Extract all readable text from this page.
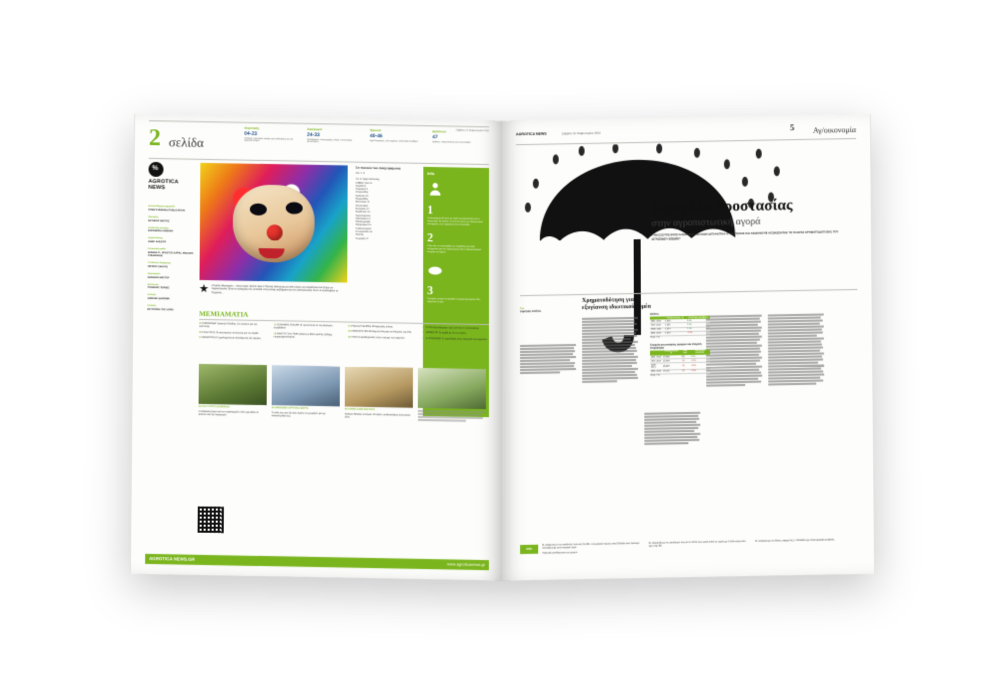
2 σελίδα
Σάββατο 21 Φεβρουαρίου 2015
Αγροτικής
04-23
Πολιτική, οικονομία, αγορές και επιδοτήσεις για τον αγροτικό κόσμο
Αφιέρωμα
24-33
Καλλιέργειες, κτηνοτροφία, αλιεία, τυποποίηση, μεταποίηση
Έρευνα
40-46
Αγροτουρισμός, νέοι αγρότες, ανάπτυξη υπαίθρου
Δράσεων
47
Δράσεις, παρουσιάσεις και συνεντεύξεις
%
AGROTICA
NEWS
Δεκαπενθήμερη εφημερίδα
ΤΟΜΗ'Σ ΜΗΝΙΑΙΑ PUBLICATION
Ιδιοκτήτης
ΣΩΤΗΡΗΣ ΝΑΣΤΟΣ
Διευθυντής σύνταξης
ΕΛΕΥΘΕΡΙΑ ΛΑΪΝΑΚΗ
Αρχισυντάκτης
ΑΝΔΡ. ΑΛΕΞΙΟΥ
Συντακτική ομάδα
ΙΩΑΝΝΑ Π., ΧΡΗΣΤΟΣ ΚΑΡΑΣ, ΜΙΧΑΛΗΣ ΤΣΕΛΕΠΙΔΗΣ
Υπεύθυνος διαφήμισης
ΠΕΤΡΟΣ ΣΑΚΚΑΣ
Δημιουργικό
ΙΩΑΝΝΗΣ ΜΑΣΤΟΡ
Εκτύπωση
ΓΡΑΦΙΚΕΣ ΤΕΧΝΕΣ
Διανομή
ΔΩΡΕΑΝ ΔΙΑΝΟΜΗ
Σύνδεση
ΕΚΤΥΠΩΣΗ ΤΗΣ AGRO

«Γκρέλο Μασκαρά»... όπως είχαν πρώτο πρω ο Γιάννης Μελισσας με κάθε λόγων και καιράλακα ενα άτομο να παρακολουθεί. Είναι το καταρχήν του αποτελεί στη εκλογή σεζβήματα και τον καταναλωτική. Άντε να καταλάβουν οι Γερμανοί...

Στι τεκευών των Δικηγοράμιστή
σελ. 1, 8
Για το Τμήμα Κατοικίας
Σάββας Τρίτο 6
Αγγελία 8
Σύμμαχοι 9
Στοιχειώδης
Αμέλειας 10
Καρμολίδης
Μοτοπλάς 11
Φυτοπολίας
Κηπαμίας 12
Καρδίτσας 13
Αγροκτήματος
Λιθοπλάκα 14
Παλαιογραφία
Πρόγραμμα 15
Γαλακτοκομικά
Συνεργασίας 16
Ποιότης
Γεωργίας 17
info
1
Η καταχώρηση θα γίνει με σειρά προτεραιότητας και οι συμμετοχές θα πρέπει να γίνονται μέσω του ηλεκτρονικού συστήματος που παρέχεται στην ιστοσελίδα.
2
Ο δεν δεν να υποστηρίξει την παράδοση και κάθε υποχρεώση για την παραγωγή με όλα τα δικαιολογητικά στοιχεία του Δήμου.
3
Ο φορέας μπορεί να αρνηθεί τη συμμετοχή εφόσον δεν τηρούνται οι όροι.
ΜΕΜΙΑΜΑΤΙΑ
05 ΟΙΚΟΝΟΜΙΑ Τράπεζα Ελλάδας: Στο κόκκινο για την ανάπτυξη
09 ΓΑΛΕΥΣΕΙΣ Οι οικονομικές επιπτώσεις για τον κλάδο
12 ΒΙΟΔΟΤΟΣΙΑ Συμπληρώνεται ολοκλήρωση της αγοράς
11 ΕΛΛΗΝΙΚΗ ΖΑΧΑΡΗ Οι προοπτικές σε ένα δύσκολο περιβάλλον
18 ΑΝΑΠΤΥΞΗ Ο ΠΟΡ μέλλον με βάση μελέτη εξέλιξης επιχειρηματικότητας
21 Ράμπας Ρόλοδδας Μεταφορικές λύσεις
32 ΑΠΟΚΛΕΙΣΤΙΚΑ Μπαρμπα λίνες και οι Μπόρκες της Πελ.
36 ΤΕΟΙ Οι φιλοδημοτικές στην υπάρχει των αγροτών
42 ΥΓΕΙΑ Κρουλίσματα ε κρέ: για Την πι πιστοποίηση
44 ΝΟΜΟΙ ΠΡ Το ρεμβή με νέο τις όρους
48 ΕΞΟΠΛΙΣΜΟΣ Η τεχνολογία στην υπηρεσία των αγροτών
16 ΣΤΑ ΤΥΠΟΥ'Σ ΔΑΝΕΙΚΩΝ
Η σύγκριση γύρω από τον συγκεκριμένο τύπο έχει βάλει σε κίνδυνο όλη την παραγωγή
24 ΑΦΙΕΡΩΜΑ ΑΓΡΟΤΙΚΑ ΒΟΡΤΑ
Τα είδη τους και όλα όσα πρέπει να γνωρίζετε για την καταναλωτική τους
36 ΚΤΗΜΑ ΚΩΝΣΤΑΝΤΙΝΟΥ
Κάστρες Μάλλης συνέχεια: στη Μελο νοοδετικότητας κοινωνικώς ιδέες
AGROTICA NEWS.GR
www.agroticanews.gr
AGROTICA NEWS	Σάββατο 21 Φεβρουαρίου 2015
5 Αγ/οικονομία
Ομπρέλα προστασίας
στην αγροπιστωτική αγορά
ΤΗΝ ΕΞΕΥΡΩ ΕΝΟΣ ΚΛΕΙΣΙΜΟΥ ΠΑΛΑΙΩΝ ΔΙΠΛΑΚΤΙΚΑ Η ΤΡΟΠΟΛΟΣ ΚΑΙ ΚΙΝΔΥΝΟΥΝ ΑΓΩΝΙΖΟΝΤΑΣ ΤΟ ΠΛΗΓΕΣ ΚΡΗΜΑΤΟΔΟΤΗΣΗΣ ΤΟΥ ΑΓΡΟΤΙΚΟΥ ΚΟΣΜΟΥ
Του
Δημήτρη Αλεξίου
Χρηματοδότηση για εξυγίανση ιδιωτικού τομέα
Δείκτες
	Υπόλοιπα (εκατ. €)	(%) Ετήσια μεταβολή
ΔΕΚ. 2013	1.628	5,6%
ΟΚΤ. 2014	1.595	2,3%
ΝΟΕ. 2014	1.574	1,1%
ΔΕΚ. 2014	1.520	-4,1%
Πηγή: ΤτΕ
Στοιχεία ρευστότητας αγορών και ατομική επιχείρηση
	Υπόλοιπα (εκατ. €)	Ροή (εκ)	(%) Ετήσια μεταβολή
ΔΕΚ. 2013	15.868	5%	0,9%
ΟΚΤ. 2014	15.348	-49	-3,1%
ΝΟΕ. 2014	15.304	-45	-3,4%
ΔΕΚ. 2014	15.232	-85	-0,3%
Πηγή: ΤτΕ
info

Σε σύμφωνα με τις αποδόσεις που μας την ΕΕ, ο γεωργικός τομέας στην Ελλάδα είναι προώρα υποσθμίωσης στον κατακτά τομεί.

Η βασική υποθήκευση των χωρών

Σε σύμπραξη με τις αποδόσεις που για το 2013 έτων μόλις 5,6% σε σχέση με 14,6% κατα μέσο όρο στην ΕΕ.

Σε σύγκριση με τις δείκτες αφορά της 1,4 Ελλάδα έχει πολύ χαμηλή μεταβολή.
